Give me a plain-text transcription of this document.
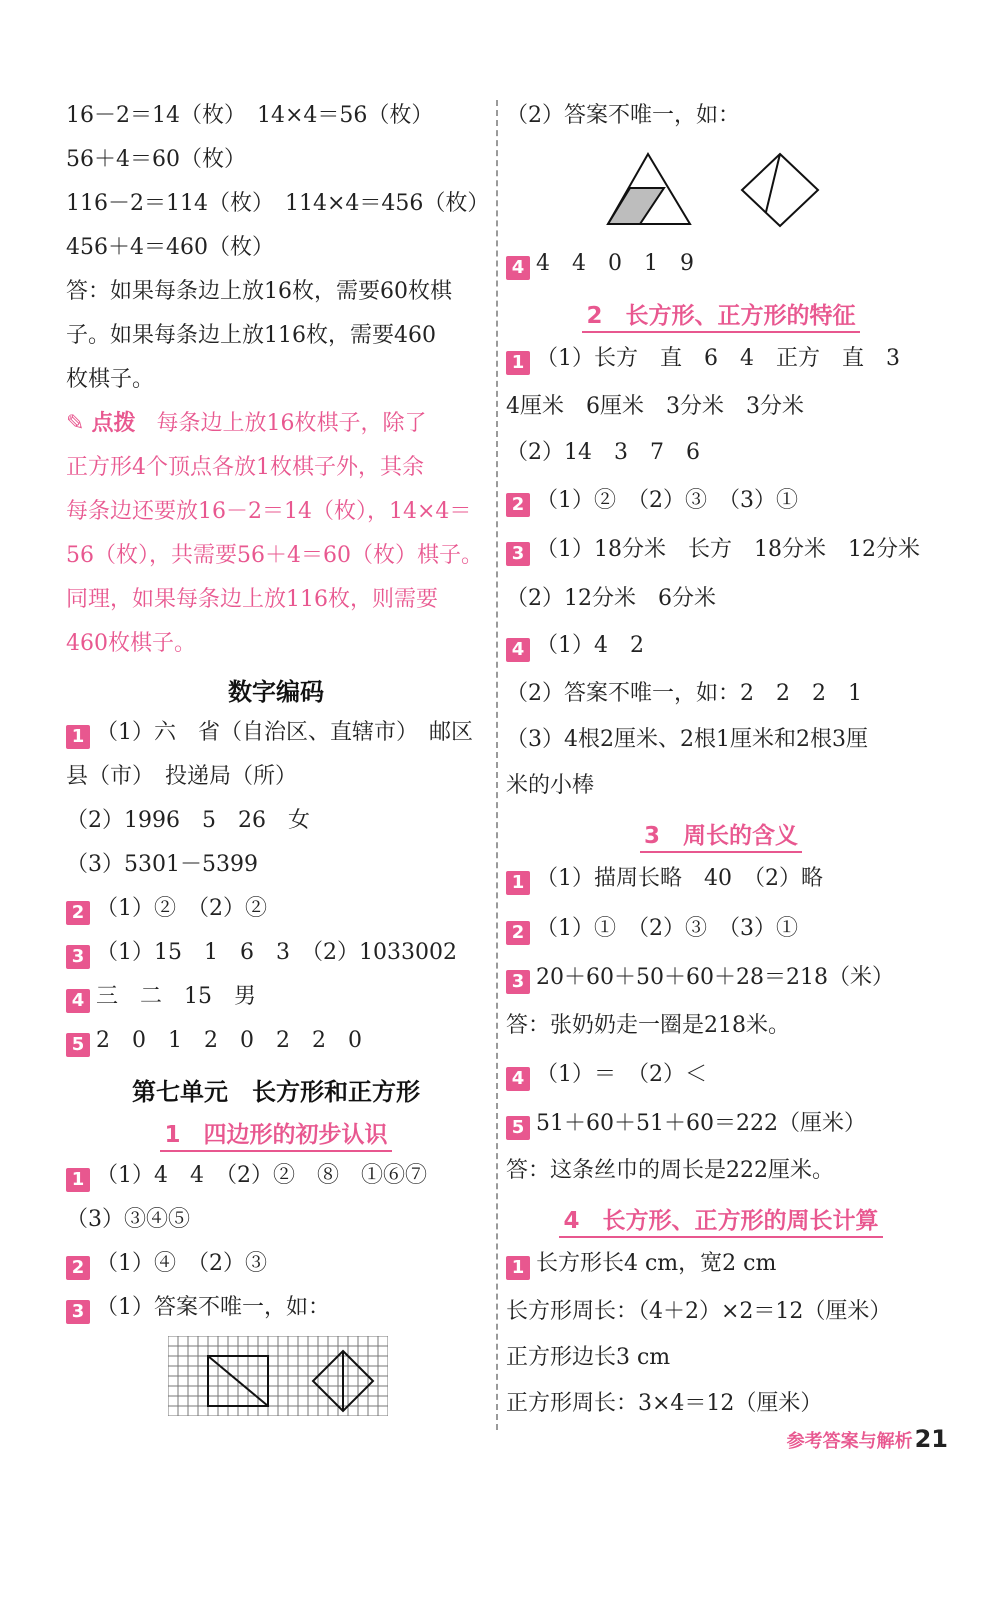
16－2＝14（枚）　14×4＝56（枚）
56＋4＝60（枚）
116－2＝114（枚）　114×4＝456（枚）
456＋4＝460（枚）
答：如果每条边上放16枚，需要60枚棋
子。如果每条边上放116枚，需要460
枚棋子。
✎ 点拨 每条边上放16枚棋子，除了
正方形4个顶点各放1枚棋子外，其余
每条边还要放16－2＝14（枚），14×4＝
56（枚），共需要56＋4＝60（枚）棋子。
同理，如果每条边上放116枚，则需要
460枚棋子。
数字编码
1 （1）六　省（自治区、直辖市）　邮区
县（市）　投递局（所）
（2）1996　5　26　女
（3）5301－5399
2 （1）②　（2）②
3 （1）15　1　6　3　（2）1033002
4 三　二　15　男
5 2　0　1　2　0　2　2　0
第七单元　长方形和正方形
1　四边形的初步认识
1 （1）4　4　（2）②　⑧　①⑥⑦
（3）③④⑤
2 （1）④　（2）③
3 （1）答案不唯一，如：
（2）答案不唯一，如：
4 4　4　0　1　9
2　长方形、正方形的特征
1 （1）长方　直　6　4　正方　直　3
4厘米　6厘米　3分米　3分米
（2）14　3　7　6
2 （1）②　（2）③　（3）①
3 （1）18分米　长方　18分米　12分米
（2）12分米　6分米
4 （1）4　2
（2）答案不唯一，如：2　2　2　1
（3）4根2厘米、2根1厘米和2根3厘
米的小棒
3　周长的含义
1 （1）描周长略　40　（2）略
2 （1）①　（2）③　（3）①
3 20＋60＋50＋60＋28＝218（米）
答：张奶奶走一圈是218米。
4 （1）＝　（2）＜
5 51＋60＋51＋60＝222（厘米）
答：这条丝巾的周长是222厘米。
4　长方形、正方形的周长计算
1 长方形长4 cm，宽2 cm
长方形周长：（4＋2）×2＝12（厘米）
正方形边长3 cm
正方形周长：3×4＝12（厘米）
参考答案与解析21
